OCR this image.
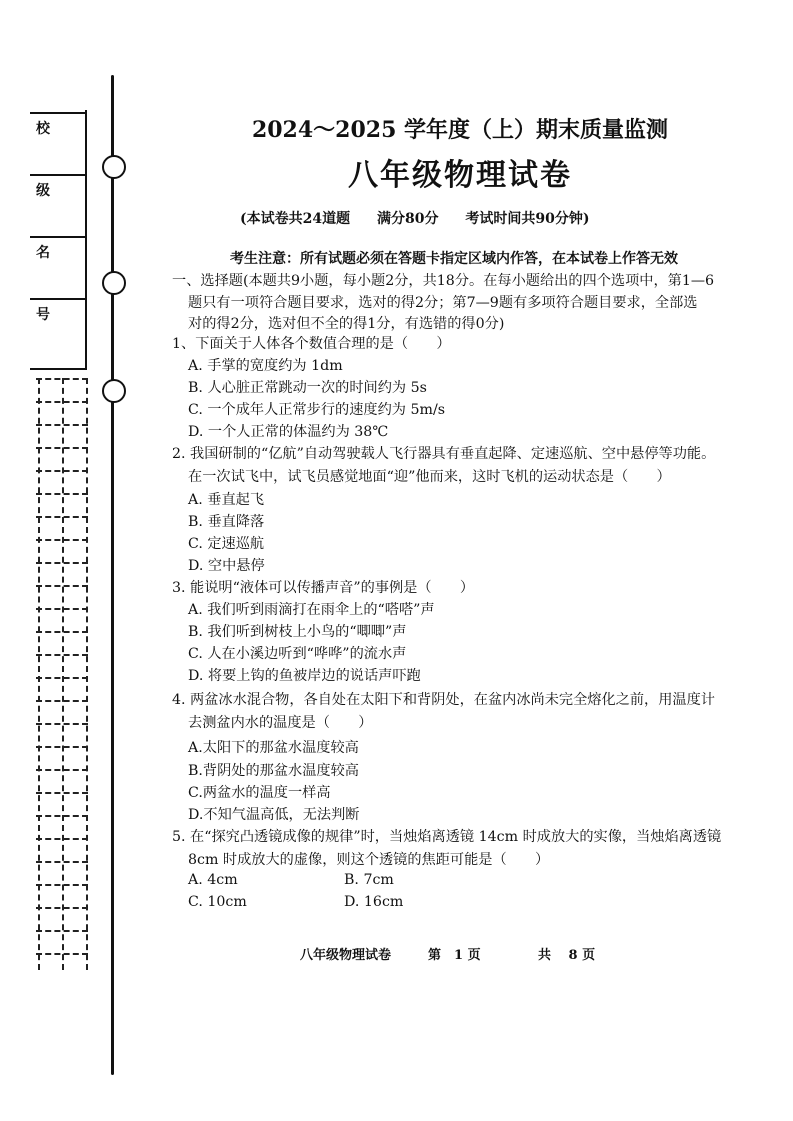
校
级
名
号
2024～2025 学年度（上）期末质量监测
八年级物理试卷
(本试卷共24道题 满分80分 考试时间共90分钟)
考生注意：所有试题必须在答题卡指定区域内作答，在本试卷上作答无效
一、选择题(本题共9小题，每小题2分，共18分。在每小题给出的四个选项中，第1—6
题只有一项符合题目要求，选对的得2分；第7—9题有多项符合题目要求，全部选
对的得2分，选对但不全的得1分，有选错的得0分)
1、下面关于人体各个数值合理的是（　　）
A. 手掌的宽度约为 1dm
B. 人心脏正常跳动一次的时间约为 5s
C. 一个成年人正常步行的速度约为 5m/s
D. 一个人正常的体温约为 38℃
2. 我国研制的“亿航”自动驾驶载人飞行器具有垂直起降、定速巡航、空中悬停等功能。
在一次试飞中，试飞员感觉地面“迎”他而来，这时飞机的运动状态是（　　）
A. 垂直起飞
B. 垂直降落
C. 定速巡航
D. 空中悬停
3. 能说明“液体可以传播声音”的事例是（　　）
A. 我们听到雨滴打在雨伞上的“嗒嗒”声
B. 我们听到树枝上小鸟的“唧唧”声
C. 人在小溪边听到“哗哗”的流水声
D. 将要上钩的鱼被岸边的说话声吓跑
4. 两盆冰水混合物，各自处在太阳下和背阴处，在盆内冰尚未完全熔化之前，用温度计
去测盆内水的温度是（　　）
A.太阳下的那盆水温度较高
B.背阴处的那盆水温度较高
C.两盆水的温度一样高
D.不知气温高低，无法判断
5. 在“探究凸透镜成像的规律”时，当烛焰离透镜 14cm 时成放大的实像，当烛焰离透镜
8cm 时成放大的虚像，则这个透镜的焦距可能是（　　）
A. 4cm	B. 7cm
C. 10cm	D. 16cm
八年级物理试卷	第　1 页	共　 8 页
